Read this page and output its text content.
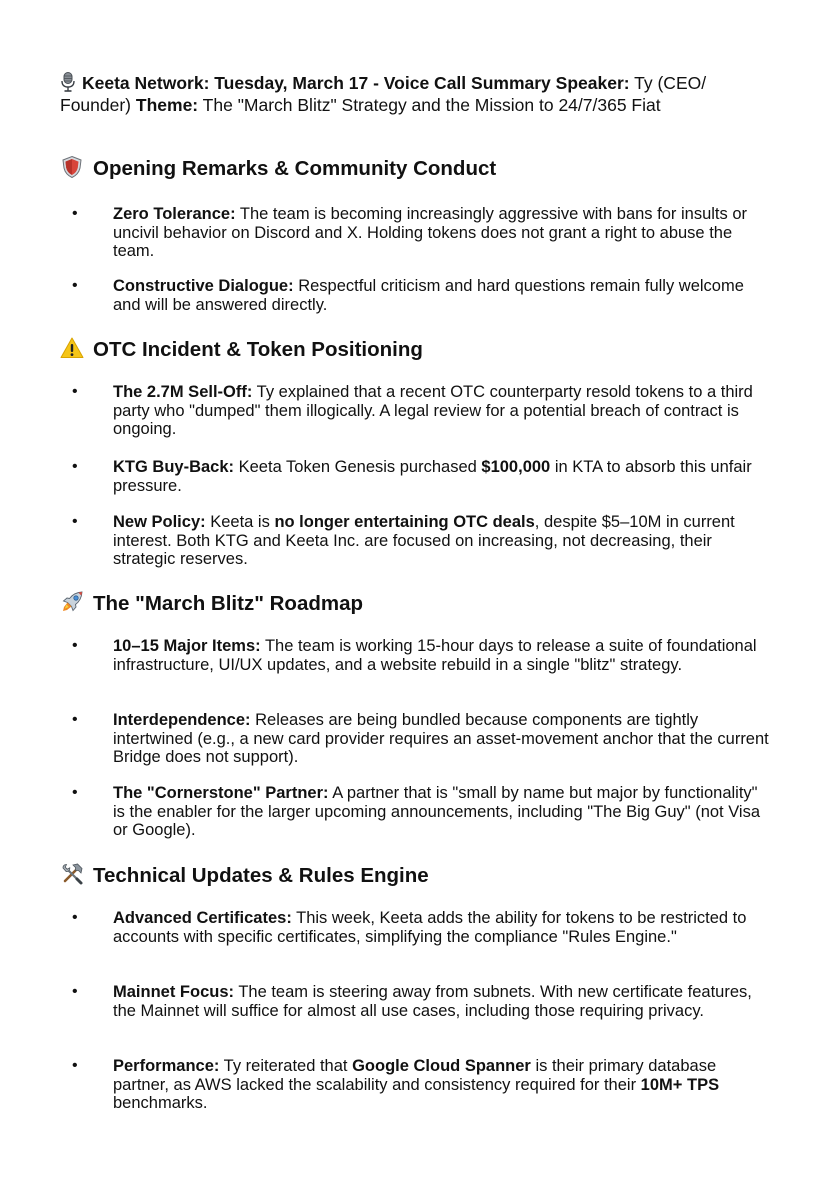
Keeta Network: Tuesday, March 17 - Voice Call Summary Speaker: Ty (CEO/ Founder) Theme: The "March Blitz" Strategy and the Mission to 24/7/365 Fiat
Opening Remarks & Community Conduct
• Zero Tolerance: The team is becoming increasingly aggressive with bans for insults or uncivil behavior on Discord and X. Holding tokens does not grant a right to abuse the team.
• Constructive Dialogue: Respectful criticism and hard questions remain fully welcome and will be answered directly.
OTC Incident & Token Positioning
• The 2.7M Sell-Off: Ty explained that a recent OTC counterparty resold tokens to a third party who "dumped" them illogically. A legal review for a potential breach of contract is ongoing.
• KTG Buy-Back: Keeta Token Genesis purchased $100,000 in KTA to absorb this unfair pressure.
• New Policy: Keeta is no longer entertaining OTC deals, despite $5–10M in current interest. Both KTG and Keeta Inc. are focused on increasing, not decreasing, their strategic reserves.
The "March Blitz" Roadmap
• 10–15 Major Items: The team is working 15-hour days to release a suite of foundational infrastructure, UI/UX updates, and a website rebuild in a single "blitz" strategy.
• Interdependence: Releases are being bundled because components are tightly intertwined (e.g., a new card provider requires an asset-movement anchor that the current Bridge does not support).
• The "Cornerstone" Partner: A partner that is "small by name but major by functionality" is the enabler for the larger upcoming announcements, including "The Big Guy" (not Visa or Google).
Technical Updates & Rules Engine
• Advanced Certificates: This week, Keeta adds the ability for tokens to be restricted to accounts with specific certificates, simplifying the compliance "Rules Engine."
• Mainnet Focus: The team is steering away from subnets. With new certificate features, the Mainnet will suffice for almost all use cases, including those requiring privacy.
• Performance: Ty reiterated that Google Cloud Spanner is their primary database partner, as AWS lacked the scalability and consistency required for their 10M+ TPS benchmarks.
